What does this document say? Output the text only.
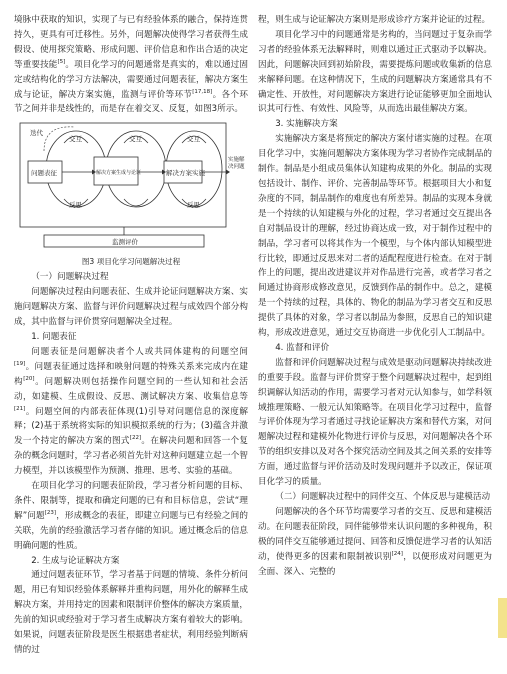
境脉中获取的知识，实现了与已有经验体系的融合，保持连贯持久，更具有可迁移性。另外，问题解决使得学习者获得生成假设、使用探究策略、形成问题、评价信息和作出合适的决定等重要技能[5]。项目化学习的问题通常是真实的，难以通过固定或结构化的学习方法解决，需要通过问题表征，解决方案生成与论证，解决方案实施，监测与评价等环节[17,18]。各个环节之间并非是线性的，而是存在着交叉、反复，如图3所示。

问题表征	解决方案生成与论证	解决方案实施
交互	交互	交互
迭代
反思	反思
实施解
决问题
监测评价
图3 项目化学习问题解决过程
（一）问题解决过程

问题解决过程由问题表征、生成并论证问题解决方案、实施问题解决方案、监督与评价问题解决过程与成效四个部分构成，其中监督与评价贯穿问题解决全过程。

1. 问题表征

问题表征是问题解决者个人或共同体建构的问题空间[19]。问题表征通过选择和映射问题的特殊关系来完成内在建构[20]。问题解决则包括操作问题空间的一些认知和社会活动，如建模、生成假设、反思、测试解决方案、收集信息等[21]。问题空间的内部表征体现(1)引导对问题信息的深度解释；(2)基于系统将实际的知识模拟系统的行为；(3)蕴含并激发一个持定的解决方案的图式[22]。在解决问题和回答一个复杂的概念问题时，学习者必须首先针对这种问题建立起一个智力模型，并以该模型作为预测、推理、思考、实验的基础。

在项目化学习的问题表征阶段，学习者分析问题的目标、条件、限制等，提取和确定问题的已有和目标信息，尝试“理解”问题[23]，形成概念的表征，即建立问题与已有经验之间的关联，先前的经验激活学习者存储的知识。通过概念后的信息明确问题的性质。

2. 生成与论证解决方案

通过问题表征环节，学习者基于问题的情境、条件分析问题，用已有知识经验体系解释并重构问题，用外化的解释生成解决方案，并用持定的因素和限制评价整体的解决方案质量，先前的知识或经验对于学习者生成解决方案有着较大的影响。如果说，问题表征阶段是医生根据患者症状，利用经验判断病情的过

程，则生成与论证解决方案则是形成诊疗方案并论证的过程。

项目化学习中的问题通常是劣构的，当问题过于复杂而学习者的经验体系无法解释时，则难以通过正式驱动予以解决。因此，问题解决回到初始阶段，需要提炼问题或收集新的信息来解释问题。在这种情况下，生成的问题解决方案通常具有不确定性、开放性，对问题解决方案进行论证能够更加全面地认识其可行性、有效性、风险等，从而选出最佳解决方案。

3. 实施解决方案

实施解决方案是将预定的解决方案付诸实施的过程。在项目化学习中，实施问题解决方案体现为学习者协作完成制品的制作。制品是小组成员集体认知建构成果的外化。制品的实现包括设计、制作、评价、完善制品等环节。根据项目大小和复杂度的不同，制品制作的难度也有所差异。制品的实现本身就是一个持续的认知建模与外化的过程，学习者通过交互提出各自对制品设计的理解，经过协商达成一致，对于制作过程中的制品，学习者可以将其作为一个模型，与个体内部认知模型进行比较，即通过反思来对二者的适配程度进行检查。在对于制作上的问题，提出改进建议并对作品进行完善，或者学习者之间通过协商形成修改意见，反馈到作品的制作中。总之，建模是一个持续的过程，具体的、物化的制品为学习者交互和反思提供了具体的对象，学习者以制品为参照，反思自己的知识建构，形成改进意见，通过交互协商进一步优化引人工制品中。

4. 监督和评价

监督和评价问题解决过程与成效是驱动问题解决持续改进的重要手段。监督与评价贯穿于整个问题解决过程中，起到组织调解认知活动的作用，需要学习者对元认知参与，如学科领域推理策略、一般元认知策略等。在项目化学习过程中，监督与评价体现为学习者通过寻找论证解决方案和替代方案，对问题解决过程和建模外化物进行评价与反思，对问题解决各个环节的组织安排以及对各个探究活动空间及其之间关系的安排等方面，通过监督与评价活动及时发现问题并予以改正，保证项目化学习的质量。

（二）问题解决过程中的同伴交互、个体反思与建模活动

问题解决的各个环节均需要学习者的交互、反思和建模活动。在问题表征阶段，同伴能够带来认识问题的多种视角，积极的同伴交互能够通过提问、回答和反馈促进学习者的认知活动，使得更多的因素和限制被识别[24]，以便形成对问题更为全面、深入、完整的
